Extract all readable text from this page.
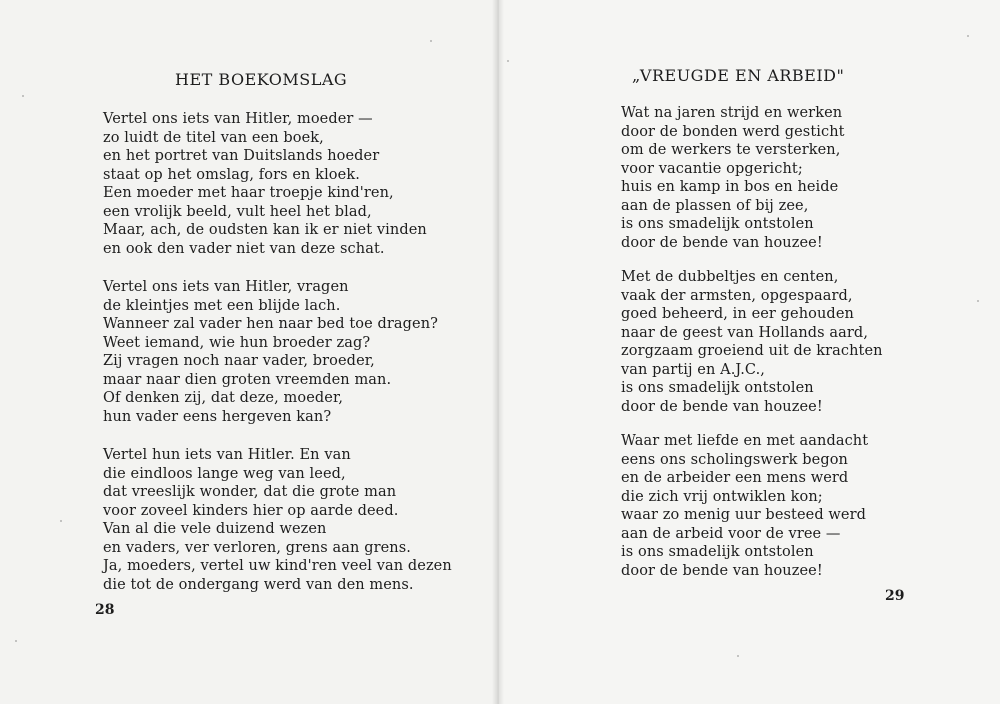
HET BOEKOMSLAG
Vertel ons iets van Hitler, moeder —
zo luidt de titel van een boek,
en het portret van Duitslands hoeder
staat op het omslag, fors en kloek.
Een moeder met haar troepje kind'ren,
een vrolijk beeld, vult heel het blad,
Maar, ach, de oudsten kan ik er niet vinden
en ook den vader niet van deze schat.
Vertel ons iets van Hitler, vragen
de kleintjes met een blijde lach.
Wanneer zal vader hen naar bed toe dragen?
Weet iemand, wie hun broeder zag?
Zij vragen noch naar vader, broeder,
maar naar dien groten vreemden man.
Of denken zij, dat deze, moeder,
hun vader eens hergeven kan?
Vertel hun iets van Hitler. En van
die eindloos lange weg van leed,
dat vreeslijk wonder, dat die grote man
voor zoveel kinders hier op aarde deed.
Van al die vele duizend wezen
en vaders, ver verloren, grens aan grens.
Ja, moeders, vertel uw kind'ren veel van dezen
die tot de ondergang werd van den mens.
28
„VREUGDE EN ARBEID"
Wat na jaren strijd en werken
door de bonden werd gesticht
om de werkers te versterken,
voor vacantie opgericht;
huis en kamp in bos en heide
aan de plassen of bij zee,
is ons smadelijk ontstolen
door de bende van houzee!
Met de dubbeltjes en centen,
vaak der armsten, opgespaard,
goed beheerd, in eer gehouden
naar de geest van Hollands aard,
zorgzaam groeiend uit de krachten
van partij en A.J.C.,
is ons smadelijk ontstolen
door de bende van houzee!
Waar met liefde en met aandacht
eens ons scholingswerk begon
en de arbeider een mens werd
die zich vrij ontwiklen kon;
waar zo menig uur besteed werd
aan de arbeid voor de vree —
is ons smadelijk ontstolen
door de bende van houzee!
29
